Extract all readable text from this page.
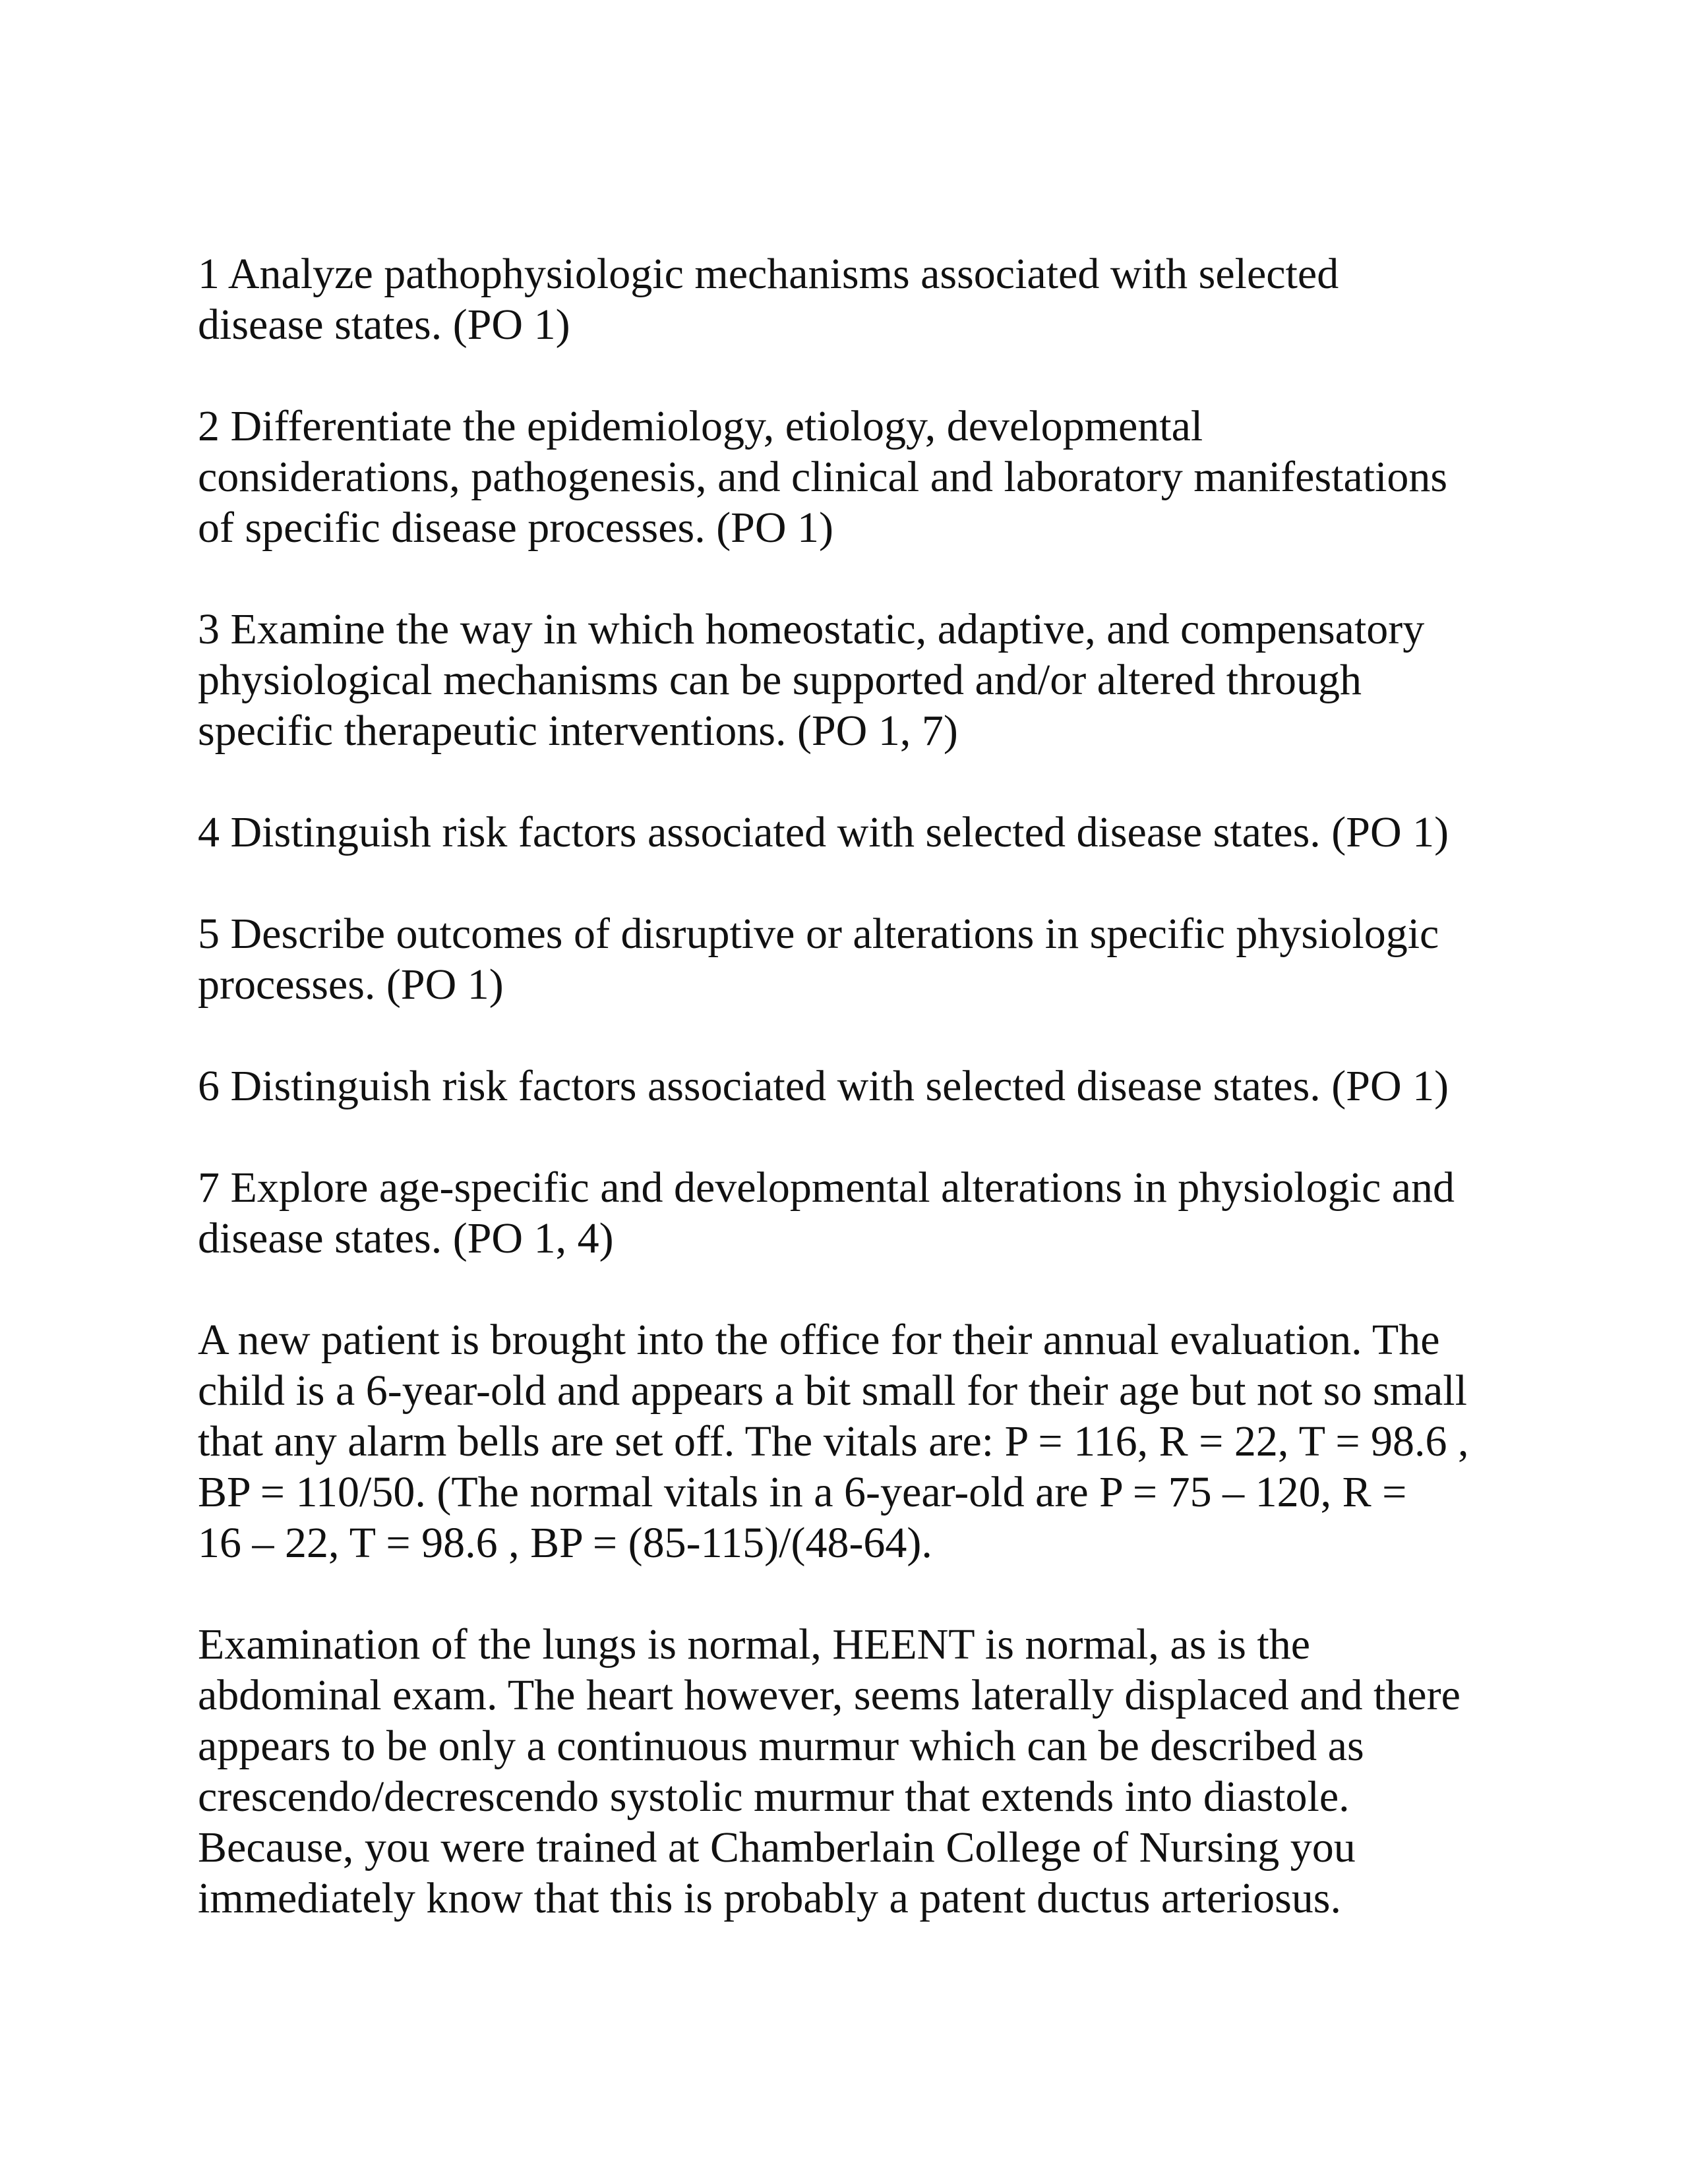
1 Analyze pathophysiologic mechanisms associated with selected
disease states. (PO 1)

2 Differentiate the epidemiology, etiology, developmental
considerations, pathogenesis, and clinical and laboratory manifestations
of specific disease processes. (PO 1)

3 Examine the way in which homeostatic, adaptive, and compensatory
physiological mechanisms can be supported and/or altered through
specific therapeutic interventions. (PO 1, 7)

4 Distinguish risk factors associated with selected disease states. (PO 1)

5 Describe outcomes of disruptive or alterations in specific physiologic
processes. (PO 1)

6 Distinguish risk factors associated with selected disease states. (PO 1)

7 Explore age-specific and developmental alterations in physiologic and
disease states. (PO 1, 4)

A new patient is brought into the office for their annual evaluation. The
child is a 6-year-old and appears a bit small for their age but not so small
that any alarm bells are set off. The vitals are: P = 116, R = 22, T = 98.6 ,
BP = 110/50. (The normal vitals in a 6-year-old are P = 75 – 120, R =
16 – 22, T = 98.6 , BP = (85-115)/(48-64).

Examination of the lungs is normal, HEENT is normal, as is the
abdominal exam. The heart however, seems laterally displaced and there
appears to be only a continuous murmur which can be described as
crescendo/decrescendo systolic murmur that extends into diastole.
Because, you were trained at Chamberlain College of Nursing you
immediately know that this is probably a patent ductus arteriosus.
